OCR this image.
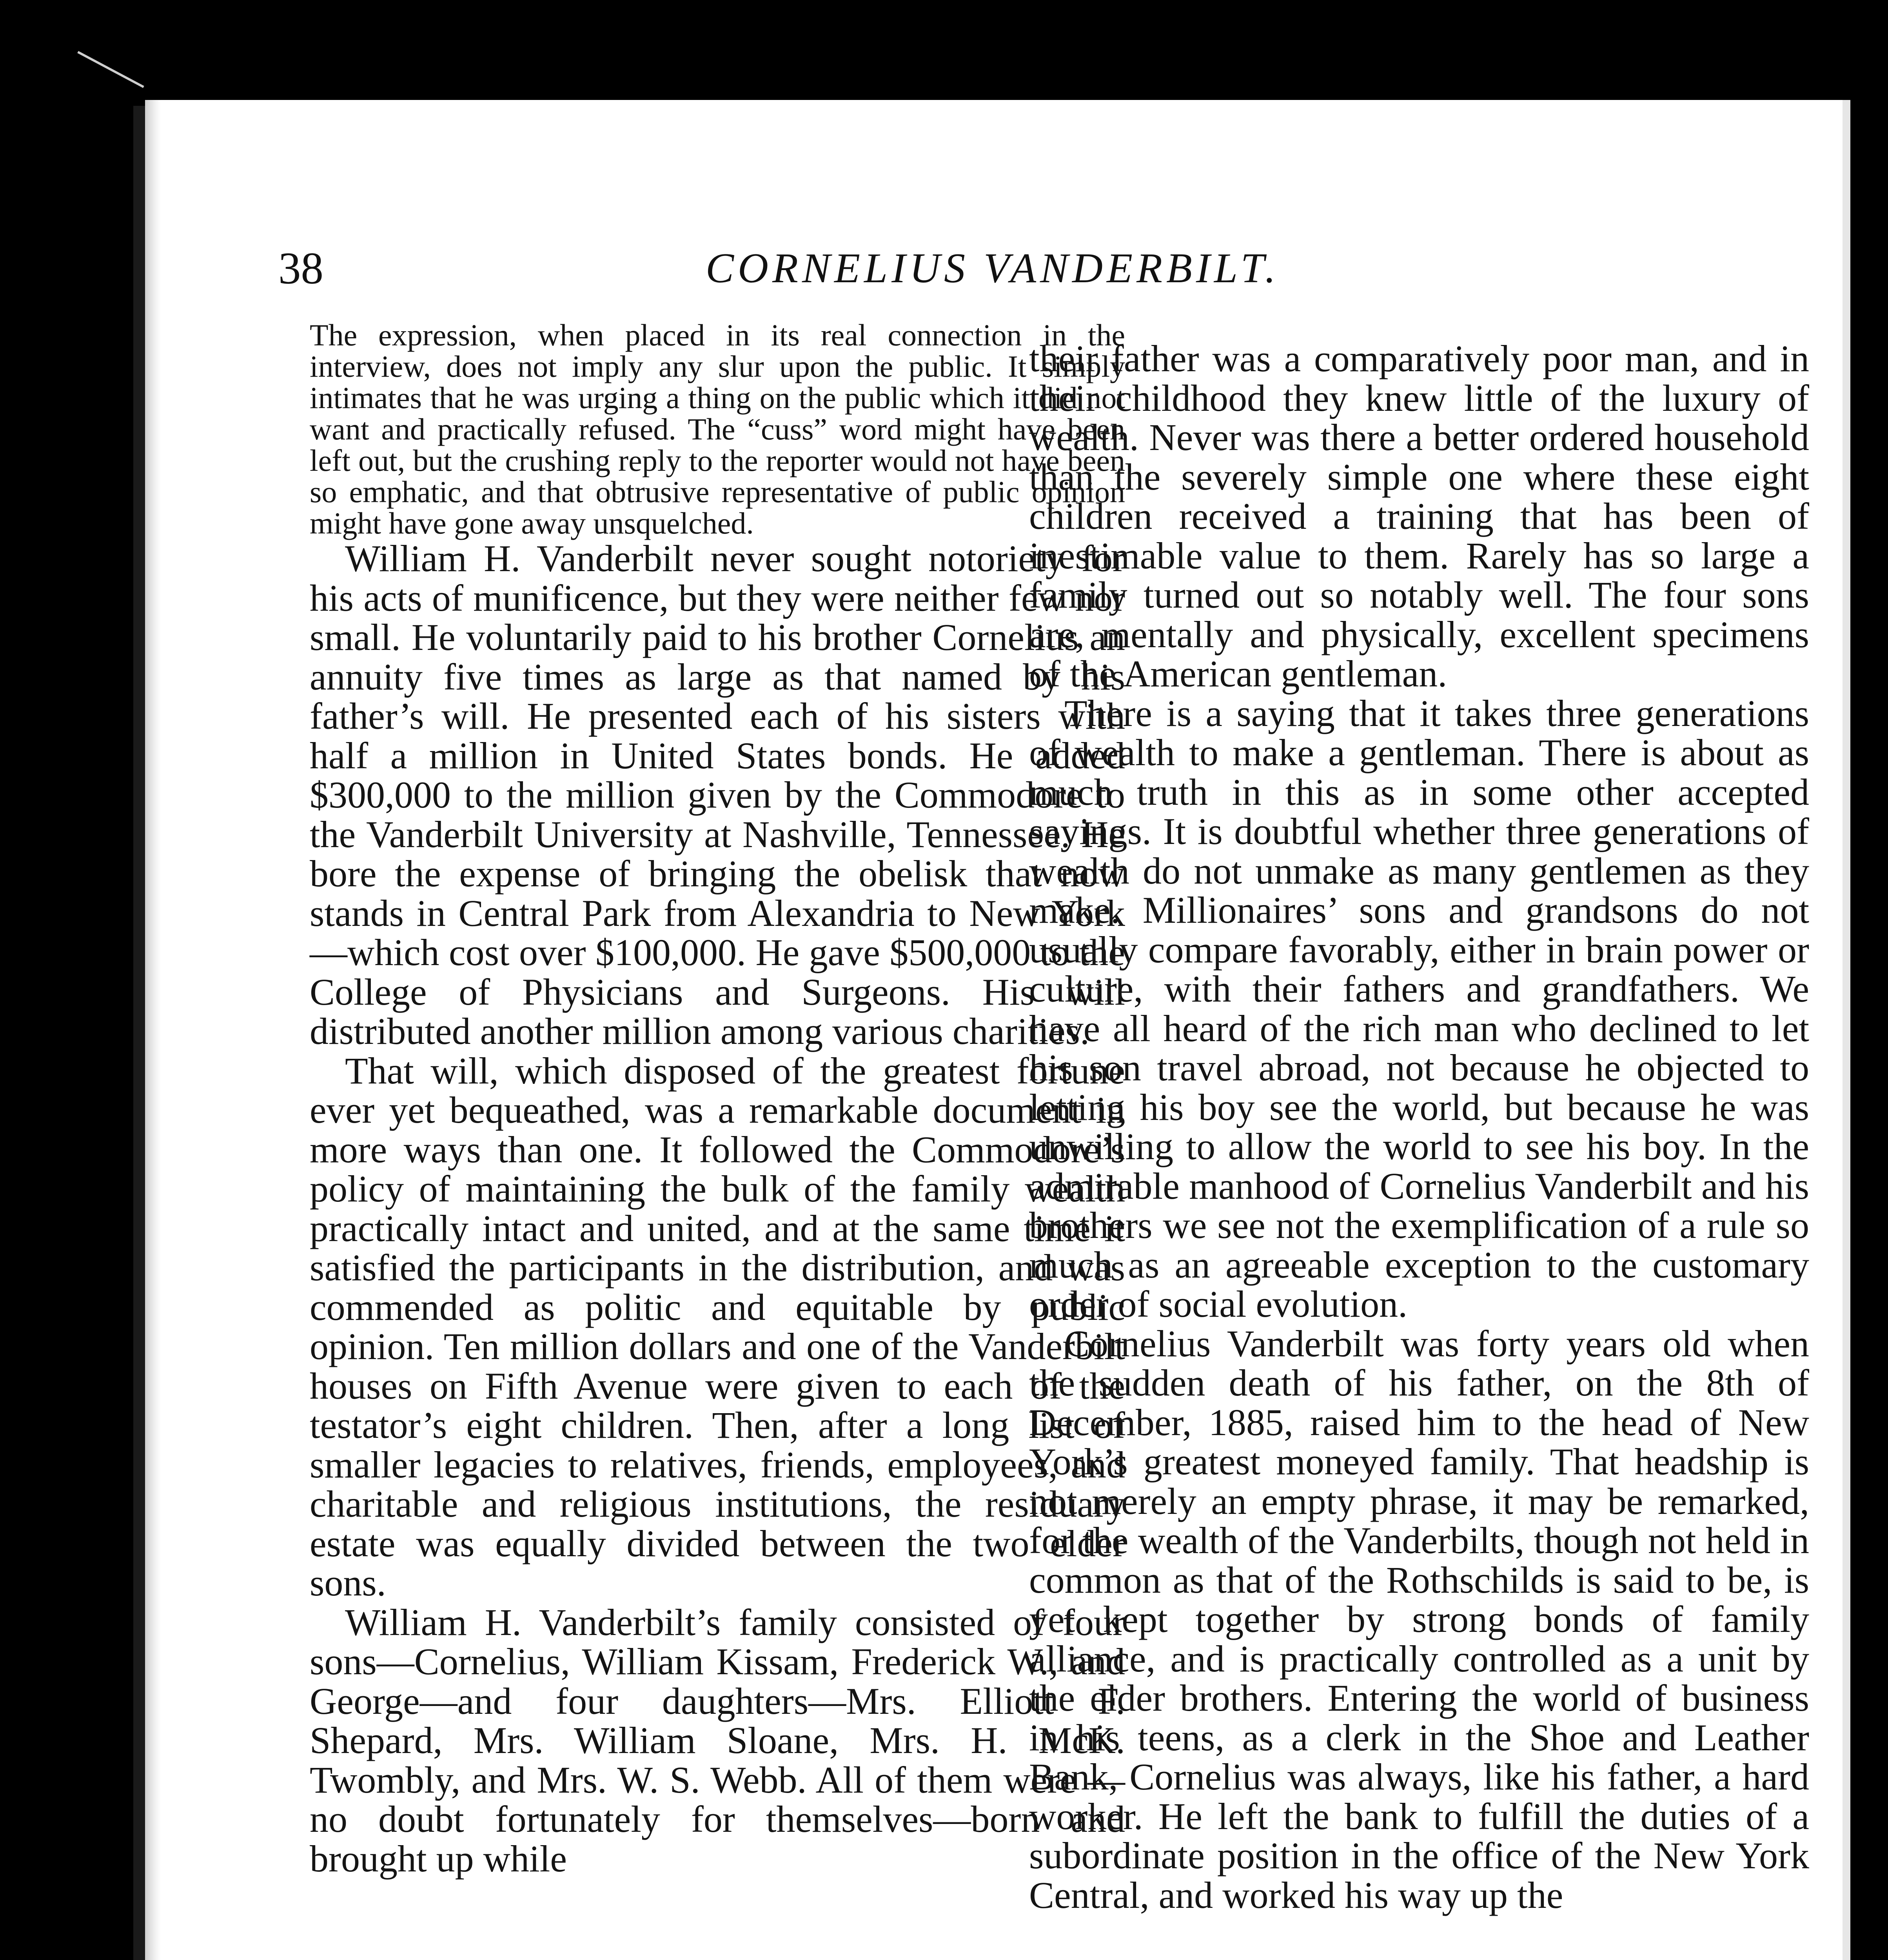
38	CORNELIUS VANDERBILT.

The expression, when placed in its real connection in the interview, does not imply any slur upon the public. It simply intimates that he was urging a thing on the public which it did not want and practically refused. The “cuss” word might have been left out, but the crushing reply to the reporter would not have been so emphatic, and that obtrusive representative of public opinion might have gone away unsquelched.

William H. Vanderbilt never sought notoriety for his acts of munificence, but they were neither few nor small. He voluntarily paid to his brother Cornelius an annuity five times as large as that named by his father’s will. He presented each of his sisters with half a million in United States bonds. He added $300,000 to the million given by the Commodore to the Vanderbilt University at Nashville, Tennessee. He bore the expense of bringing the obelisk that now stands in Central Park from Alexandria to New York —which cost over $100,000. He gave $500,000 to the College of Physicians and Surgeons. His will distributed another million among various charities.

That will, which disposed of the greatest fortune ever yet bequeathed, was a remarkable document in more ways than one. It followed the Commodore’s policy of maintaining the bulk of the family wealth practically intact and united, and at the same time it satisfied the participants in the distribution, and was commended as politic and equitable by public opinion. Ten million dollars and one of the Vanderbilt houses on Fifth Avenue were given to each of the testator’s eight children. Then, after a long list of smaller legacies to relatives, friends, employees, and charitable and religious institutions, the residuary estate was equally divided between the two elder sons.

William H. Vanderbilt’s family consisted of four sons—Cornelius, William Kissam, Frederick W., and George—and four daughters—Mrs. Elliott F. Shepard, Mrs. William Sloane, Mrs. H. McK. Twombly, and Mrs. W. S. Webb. All of them were —no doubt fortunately for themselves—born and brought up while

their father was a comparatively poor man, and in their childhood they knew little of the luxury of wealth. Never was there a better ordered household than the severely simple one where these eight children received a training that has been of inestimable value to them. Rarely has so large a family turned out so notably well. The four sons are, mentally and physically, excellent specimens of the American gentleman.

There is a saying that it takes three generations of wealth to make a gentleman. There is about as much truth in this as in some other accepted sayings. It is doubtful whether three generations of wealth do not unmake as many gentlemen as they make. Millionaires’ sons and grandsons do not usually compare favorably, either in brain power or culture, with their fathers and grandfathers. We have all heard of the rich man who declined to let his son travel abroad, not because he objected to letting his boy see the world, but because he was unwilling to allow the world to see his boy. In the admirable manhood of Cornelius Vanderbilt and his brothers we see not the exemplification of a rule so much as an agreeable exception to the customary order of social evolution.

Cornelius Vanderbilt was forty years old when the sudden death of his father, on the 8th of December, 1885, raised him to the head of New York’s greatest moneyed family. That headship is not merely an empty phrase, it may be remarked, for the wealth of the Vanderbilts, though not held in common as that of the Rothschilds is said to be, is yet kept together by strong bonds of family alliance, and is practically controlled as a unit by the elder brothers. Entering the world of business in his teens, as a clerk in the Shoe and Leather Bank, Cornelius was always, like his father, a hard worker. He left the bank to fulfill the duties of a subordinate position in the office of the New York Central, and worked his way up the
